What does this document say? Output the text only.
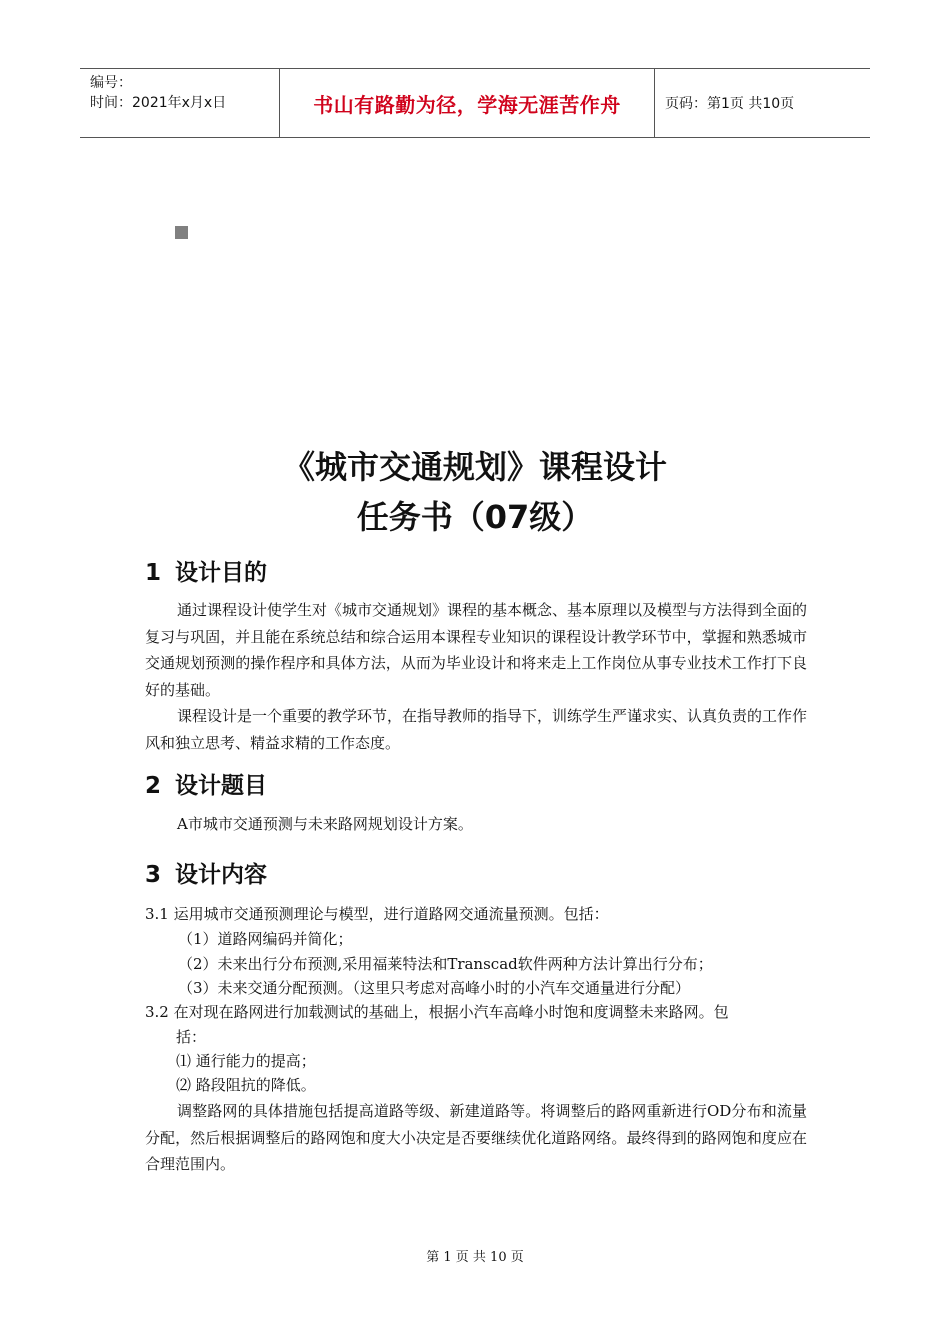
编号：
时间：2021年x月x日	书山有路勤为径，学海无涯苦作舟	页码：第1页 共10页
《城市交通规划》课程设计
任务书（07级）
1 设计目的
通过课程设计使学生对《城市交通规划》课程的基本概念、基本原理以及模型与方法得到全面的复习与巩固，并且能在系统总结和综合运用本课程专业知识的课程设计教学环节中，掌握和熟悉城市交通规划预测的操作程序和具体方法，从而为毕业设计和将来走上工作岗位从事专业技术工作打下良好的基础。
课程设计是一个重要的教学环节，在指导教师的指导下，训练学生严谨求实、认真负责的工作作风和独立思考、精益求精的工作态度。
2 设计题目
A市城市交通预测与未来路网规划设计方案。
3 设计内容
3.1 运用城市交通预测理论与模型，进行道路网交通流量预测。包括：
（1）道路网编码并简化；
（2）未来出行分布预测,采用福莱特法和Transcad软件两种方法计算出行分布；
（3）未来交通分配预测。（这里只考虑对高峰小时的小汽车交通量进行分配）
3.2 在对现在路网进行加载测试的基础上，根据小汽车高峰小时饱和度调整未来路网。包
括：
⑴ 通行能力的提高；
⑵ 路段阻抗的降低。
调整路网的具体措施包括提高道路等级、新建道路等。将调整后的路网重新进行OD分布和流量分配，然后根据调整后的路网饱和度大小决定是否要继续优化道路网络。最终得到的路网饱和度应在合理范围内。
第 1 页 共 10 页
